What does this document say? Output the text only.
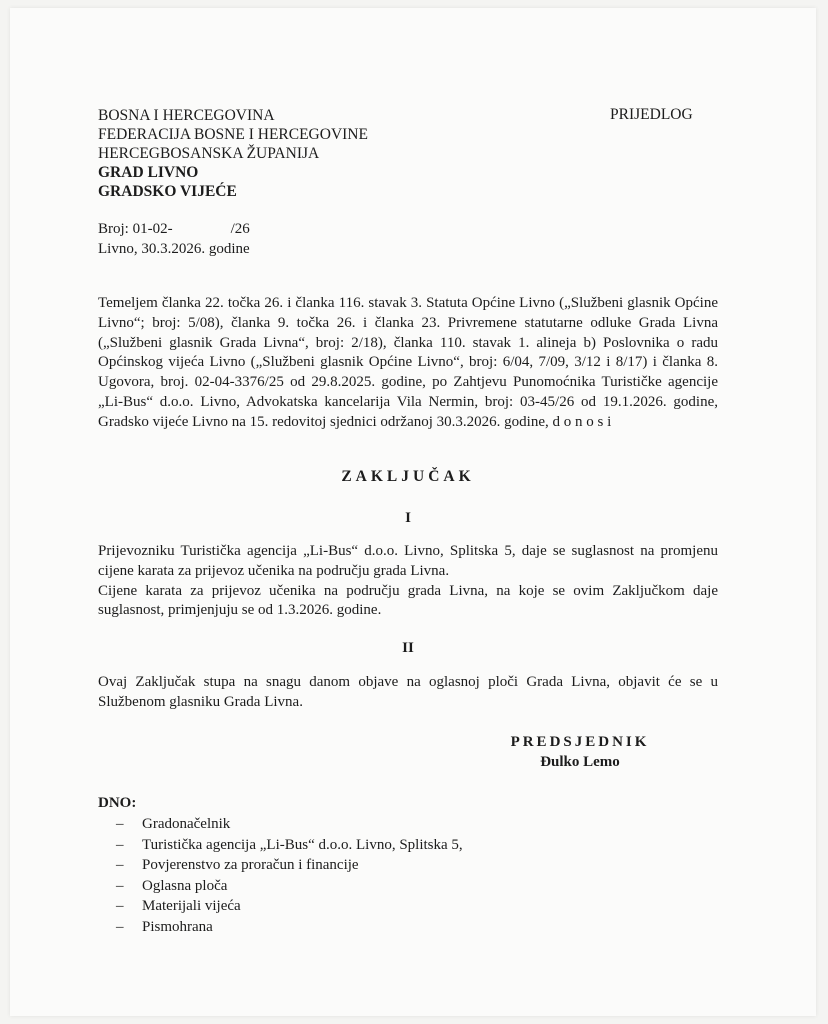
BOSNA I HERCEGOVINA
FEDERACIJA BOSNE I HERCEGOVINE
HERCEGBOSANSKA ŽUPANIJA
GRAD LIVNO
GRADSKO VIJEĆE
PRIJEDLOG
Broj: 01-02-	/26
Livno, 30.3.2026. godine
Temeljem članka 22. točka 26. i članka 116. stavak 3. Statuta Općine Livno („Službeni glasnik Općine Livno“; broj: 5/08), članka 9. točka 26. i članka 23. Privremene statutarne odluke Grada Livna („Službeni glasnik Grada Livna“, broj: 2/18), članka 110. stavak 1. alineja b) Poslovnika o radu Općinskog vijeća Livno („Službeni glasnik Općine Livno“, broj: 6/04, 7/09, 3/12 i 8/17) i članka 8. Ugovora, broj. 02-04-3376/25 od 29.8.2025. godine, po Zahtjevu Punomoćnika Turističke agencije „Li-Bus“ d.o.o. Livno, Advokatska kancelarija Vila Nermin, broj: 03-45/26 od 19.1.2026. godine, Gradsko vijeće Livno na 15. redovitoj sjednici održanoj 30.3.2026. godine, d o n o s i
ZAKLJUČAK
I
Prijevozniku Turistička agencija „Li-Bus“ d.o.o. Livno, Splitska 5, daje se suglasnost na promjenu cijene karata za prijevoz učenika na području grada Livna.
Cijene karata za prijevoz učenika na području grada Livna, na koje se ovim Zaključkom daje suglasnost, primjenjuju se od 1.3.2026. godine.
II
Ovaj Zaključak stupa na snagu danom objave na oglasnoj ploči Grada Livna, objavit će se u Službenom glasniku Grada Livna.
PREDSJEDNIK
Đulko Lemo
DNO:
– Gradonačelnik
– Turistička agencija „Li-Bus“ d.o.o. Livno, Splitska 5,
– Povjerenstvo za proračun i financije
– Oglasna ploča
– Materijali vijeća
– Pismohrana
